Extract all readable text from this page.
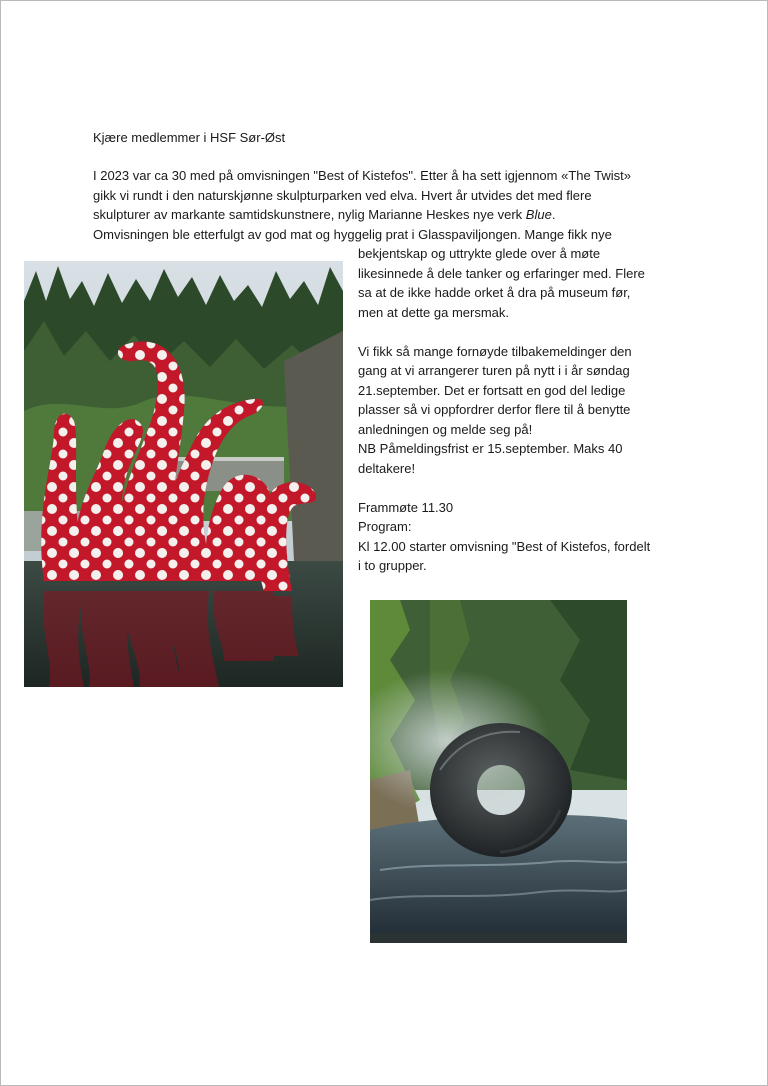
Kjære medlemmer i HSF Sør-Øst

I 2023 var ca 30 med på omvisningen "Best of Kistefos". Etter å ha sett igjennom «The Twist»
gikk vi rundt i den naturskjønne skulpturparken ved elva. Hvert år utvides det med flere
skulpturer av markante samtidskunstnere, nylig Marianne Heskes nye verk Blue.
Omvisningen ble etterfulgt av god mat og hyggelig prat i Glasspaviljongen. Mange fikk nye

bekjentskap og uttrykte glede over å møte
likesinnede å dele tanker og erfaringer med. Flere
sa at de ikke hadde orket å dra på museum før,
men at dette ga mersmak.
Vi fikk så mange fornøyde tilbakemeldinger den
gang at vi arrangerer turen på nytt i i år søndag
21.september. Det er fortsatt en god del ledige
plasser så vi oppfordrer derfor flere til å benytte
anledningen og melde seg på!
NB Påmeldingsfrist er 15.september. Maks 40
deltakere!
Frammøte 11.30
Program:
Kl 12.00 starter omvisning "Best of Kistefos, fordelt
i to grupper.
